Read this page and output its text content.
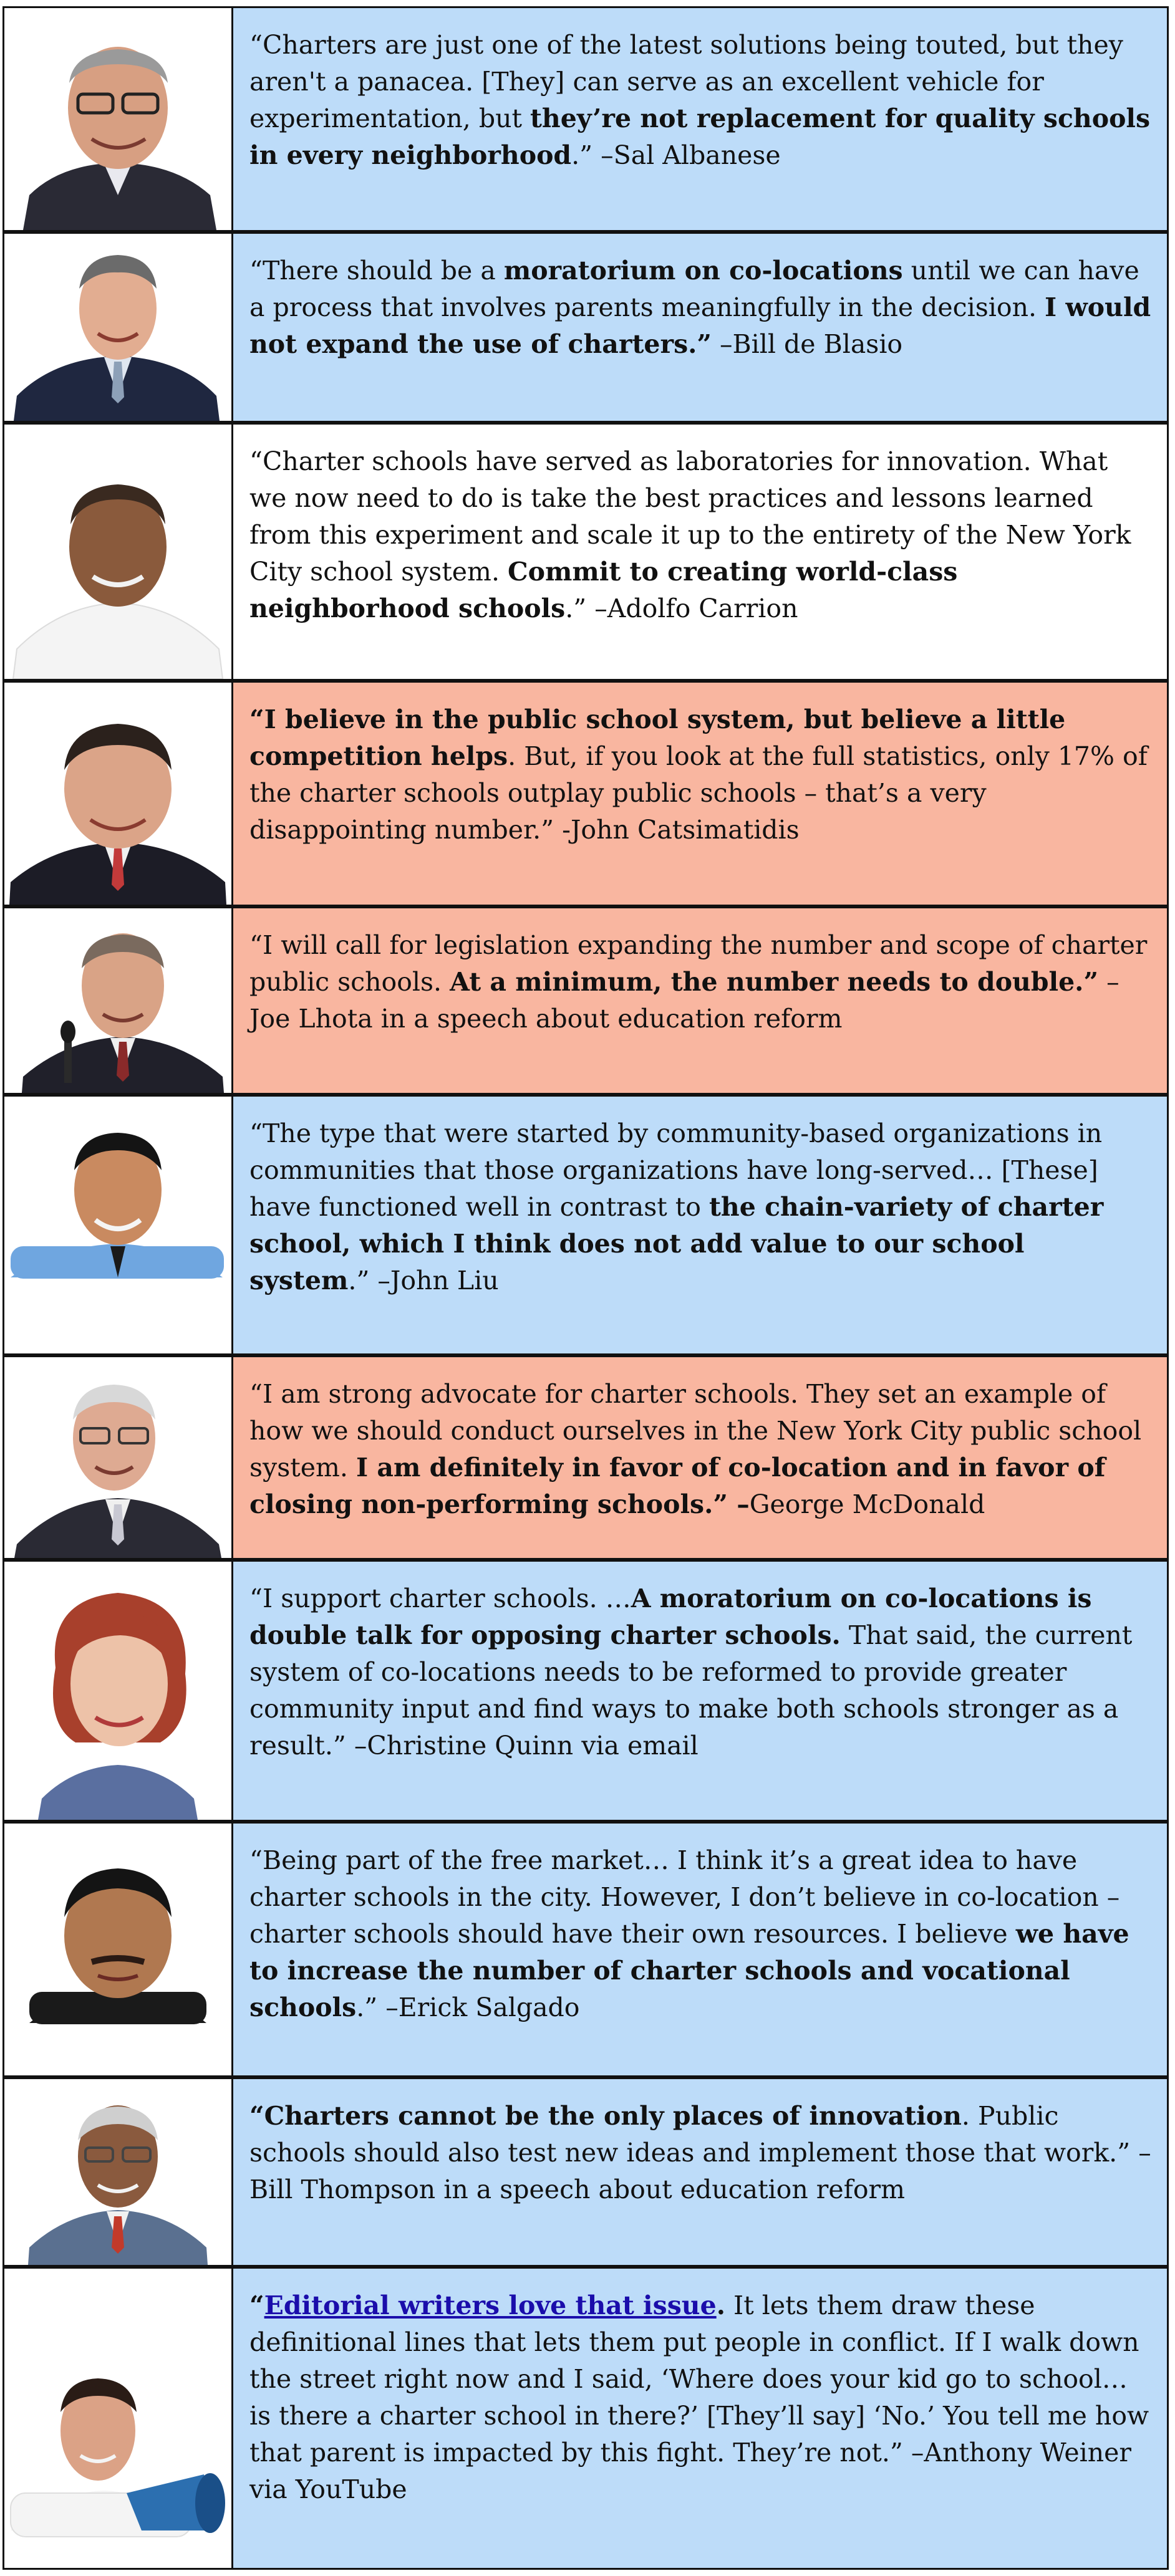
“Charters are just one of the latest solutions being touted, but they aren't a panacea. [They] can serve as an excellent vehicle for experimentation, but they’re not replacement for quality schools in every neighborhood.” –Sal Albanese
“There should be a moratorium on co-locations until we can have a process that involves parents meaningfully in the decision. I would not expand the use of charters.” –Bill de Blasio
“Charter schools have served as laboratories for innovation. What we now need to do is take the best practices and lessons learned from this experiment and scale it up to the entirety of the New York City school system. Commit to creating world-class neighborhood schools.” –Adolfo Carrion
“I believe in the public school system, but believe a little competition helps. But, if you look at the full statistics, only 17% of the charter schools outplay public schools – that’s a very disappointing number.” -John Catsimatidis
“I will call for legislation expanding the number and scope of charter public schools. At a minimum, the number needs to double.” –Joe Lhota in a speech about education reform
“The type that were started by community-based organizations in communities that those organizations have long-served… [These] have functioned well in contrast to the chain-variety of charter school, which I think does not add value to our school system.” –John Liu
“I am strong advocate for charter schools. They set an example of how we should conduct ourselves in the New York City public school system. I am definitely in favor of co-location and in favor of closing non-performing schools.” –George McDonald
“I support charter schools. …A moratorium on co-locations is double talk for opposing charter schools. That said, the current system of co-locations needs to be reformed to provide greater community input and find ways to make both schools stronger as a result.” –Christine Quinn via email
“Being part of the free market… I think it’s a great idea to have charter schools in the city. However, I don’t believe in co-location – charter schools should have their own resources. I believe we have to increase the number of charter schools and vocational schools.” –Erick Salgado
“Charters cannot be the only places of innovation. Public schools should also test new ideas and implement those that work.” –Bill Thompson in a speech about education reform
“Editorial writers love that issue. It lets them draw these definitional lines that lets them put people in conflict. If I walk down the street right now and I said, ‘Where does your kid go to school… is there a charter school in there?’ [They’ll say] ‘No.’ You tell me how that parent is impacted by this fight. They’re not.” –Anthony Weiner via YouTube
